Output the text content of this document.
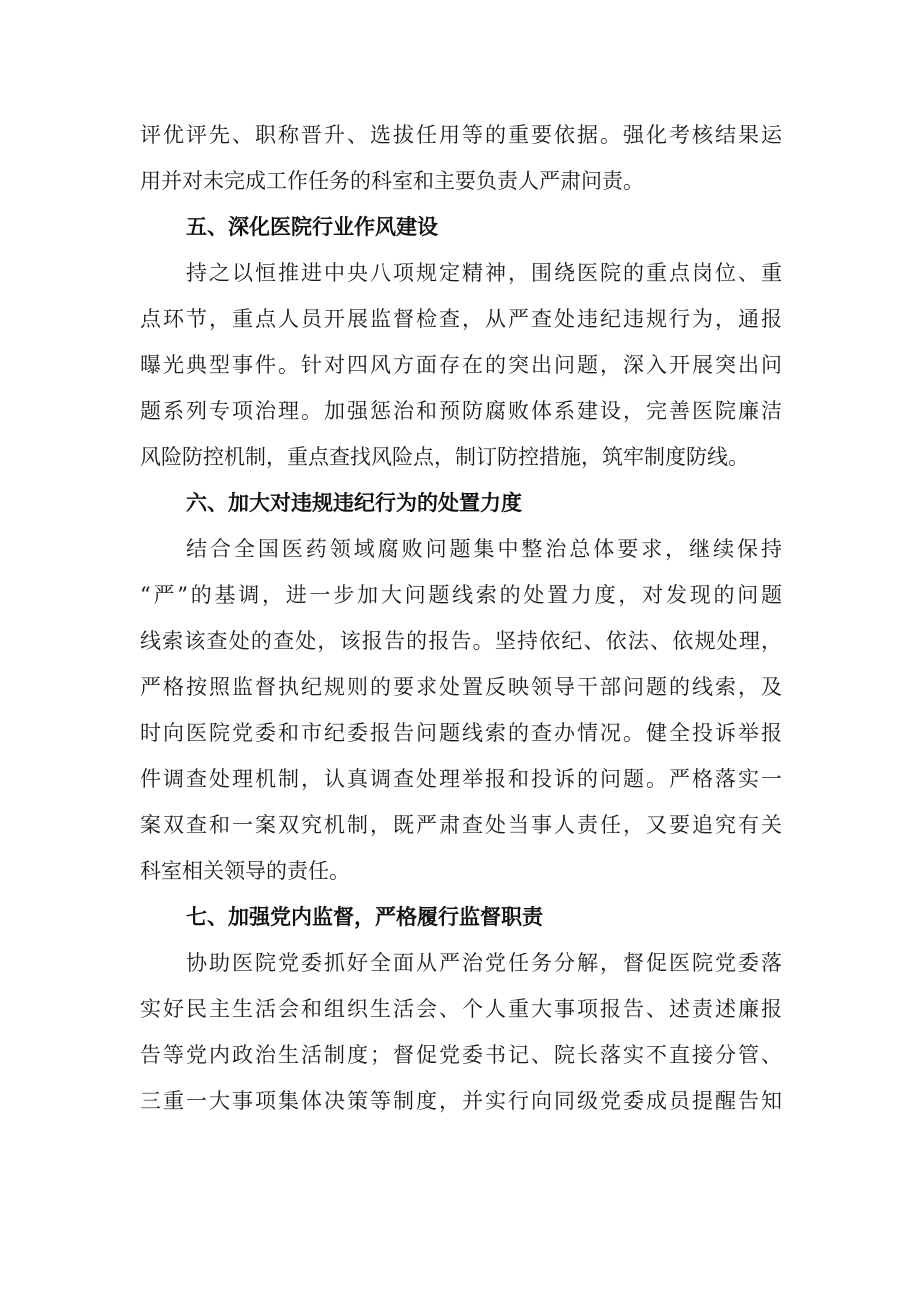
评优评先、职称晋升、选拔任用等的重要依据。强化考核结果运
用并对未完成工作任务的科室和主要负责人严肃问责。
五、深化医院行业作风建设
持之以恒推进中央八项规定精神，围绕医院的重点岗位、重
点环节，重点人员开展监督检查，从严查处违纪违规行为，通报
曝光典型事件。针对四风方面存在的突出问题，深入开展突出问
题系列专项治理。加强惩治和预防腐败体系建设，完善医院廉洁
风险防控机制，重点查找风险点，制订防控措施，筑牢制度防线。
六、加大对违规违纪行为的处置力度
结合全国医药领域腐败问题集中整治总体要求，继续保持
“严”的基调，进一步加大问题线索的处置力度，对发现的问题
线索该查处的查处，该报告的报告。坚持依纪、依法、依规处理，
严格按照监督执纪规则的要求处置反映领导干部问题的线索，及
时向医院党委和市纪委报告问题线索的查办情况。健全投诉举报
件调查处理机制，认真调查处理举报和投诉的问题。严格落实一
案双查和一案双究机制，既严肃查处当事人责任，又要追究有关
科室相关领导的责任。
七、加强党内监督，严格履行监督职责
协助医院党委抓好全面从严治党任务分解，督促医院党委落
实好民主生活会和组织生活会、个人重大事项报告、述责述廉报
告等党内政治生活制度；督促党委书记、院长落实不直接分管、
三重一大事项集体决策等制度，并实行向同级党委成员提醒告知
